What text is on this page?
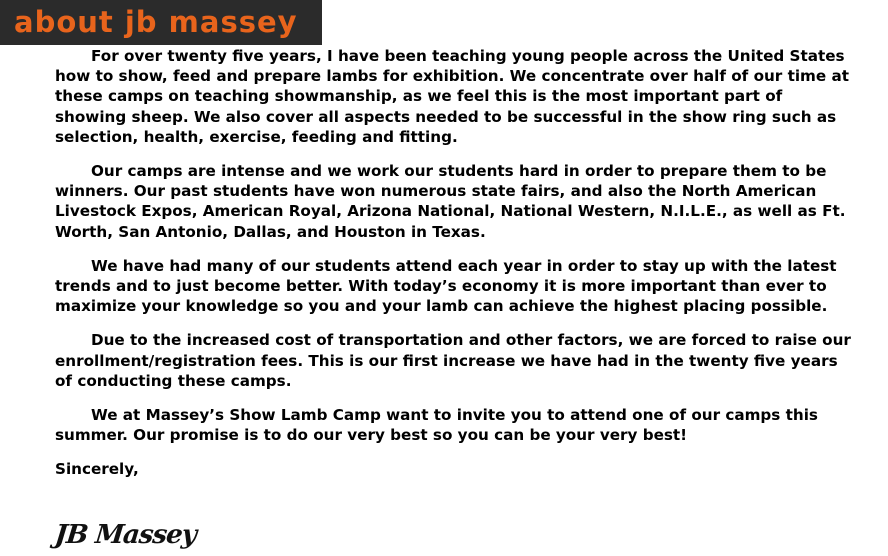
about jb massey

For over twenty five years, I have been teaching young people across the United States how to show, feed and prepare lambs for exhibition. We concentrate over half of our time at these camps on teaching showmanship, as we feel this is the most important part of showing sheep. We also cover all aspects needed to be successful in the show ring such as selection, health, exercise, feeding and fitting.

Our camps are intense and we work our students hard in order to prepare them to be winners. Our past students have won numerous state fairs, and also the North American Livestock Expos, American Royal, Arizona National, National Western, N.I.L.E., as well as Ft. Worth, San Antonio, Dallas, and Houston in Texas.

We have had many of our students attend each year in order to stay up with the latest trends and to just become better. With today’s economy it is more important than ever to maximize your knowledge so you and your lamb can achieve the highest placing possible.

Due to the increased cost of transportation and other factors, we are forced to raise our enrollment/registration fees. This is our first increase we have had in the twenty five years of conducting these camps.

We at Massey’s Show Lamb Camp want to invite you to attend one of our camps this summer. Our promise is to do our very best so you can be your very best!

Sincerely,

JB Massey
